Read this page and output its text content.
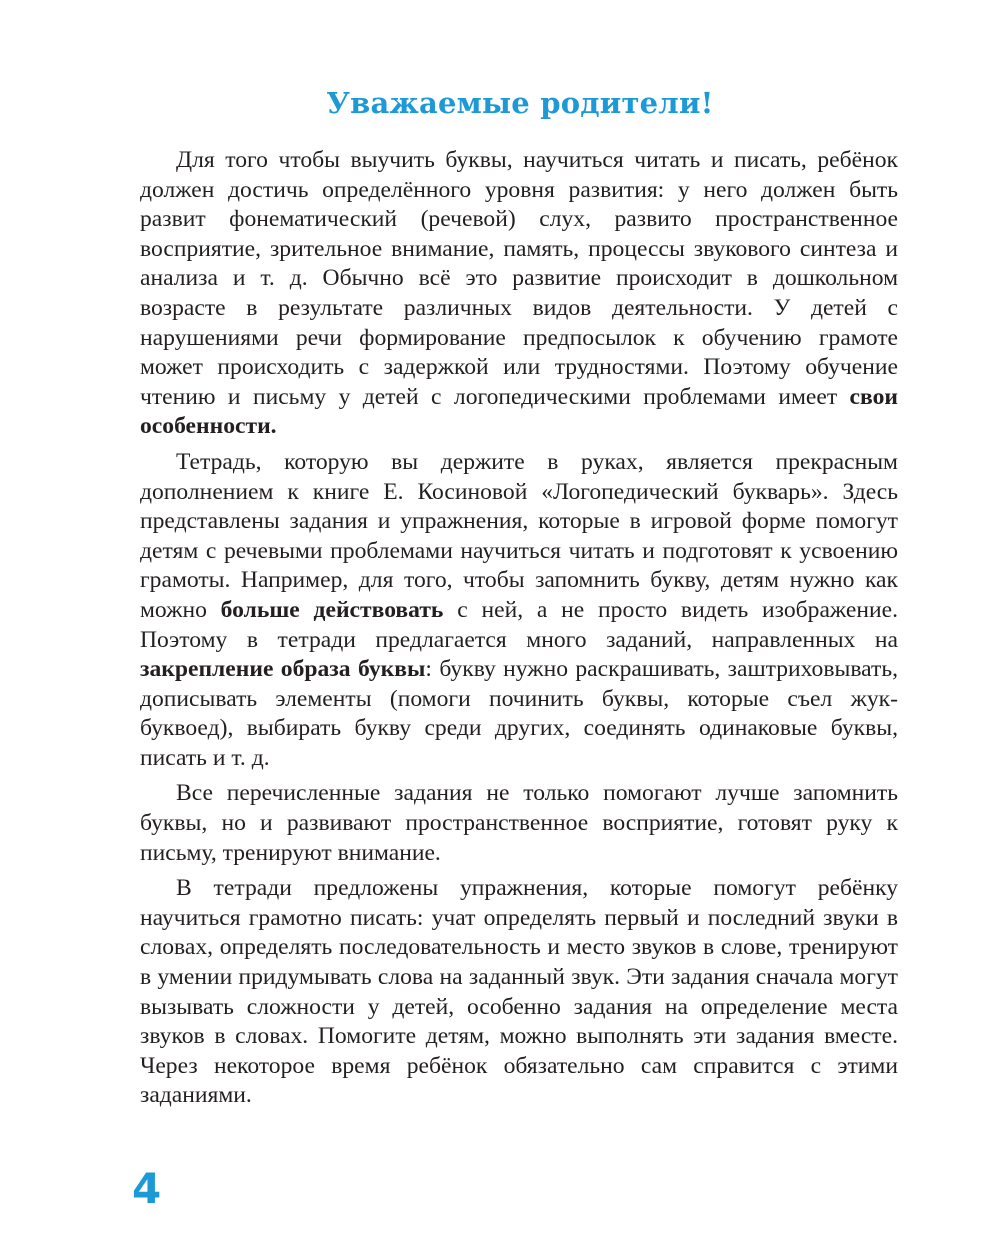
Уважаемые родители!

Для того чтобы выучить буквы, научиться читать и писать, ребёнок должен достичь определённого уровня развития: у него должен быть развит фонематический (речевой) слух, развито пространственное восприятие, зрительное внимание, память, процессы звукового синтеза и анализа и т. д. Обычно всё это развитие происходит в дошкольном возрасте в результате различных видов деятельности. У детей с нарушениями речи формирование предпосылок к обучению грамоте может происходить с задержкой или трудностями. Поэтому обучение чтению и письму у детей с логопедическими проблемами имеет свои особенности.

Тетрадь, которую вы держите в руках, является прекрасным дополнением к книге Е. Косиновой «Логопедический букварь». Здесь представлены задания и упражнения, которые в игровой форме помогут детям с речевыми проблемами научиться читать и подготовят к усвоению грамоты. Например, для того, чтобы запомнить букву, детям нужно как можно больше действовать с ней, а не просто видеть изображение. Поэтому в тетради предлагается много заданий, направленных на закрепление образа буквы: букву нужно раскрашивать, заштриховывать, дописывать элементы (помоги починить буквы, которые съел жук-буквоед), выбирать букву среди других, соединять одинаковые буквы, писать и т. д.

Все перечисленные задания не только помогают лучше запомнить буквы, но и развивают пространственное восприятие, готовят руку к письму, тренируют внимание.

В тетради предложены упражнения, которые помогут ребёнку научиться грамотно писать: учат определять первый и последний звуки в словах, определять последовательность и место звуков в слове, тренируют в умении придумывать слова на заданный звук. Эти задания сначала могут вызывать сложности у детей, особенно задания на определение места звуков в словах. Помогите детям, можно выполнять эти задания вместе. Через некоторое время ребёнок обязательно сам справится с этими заданиями.

4
